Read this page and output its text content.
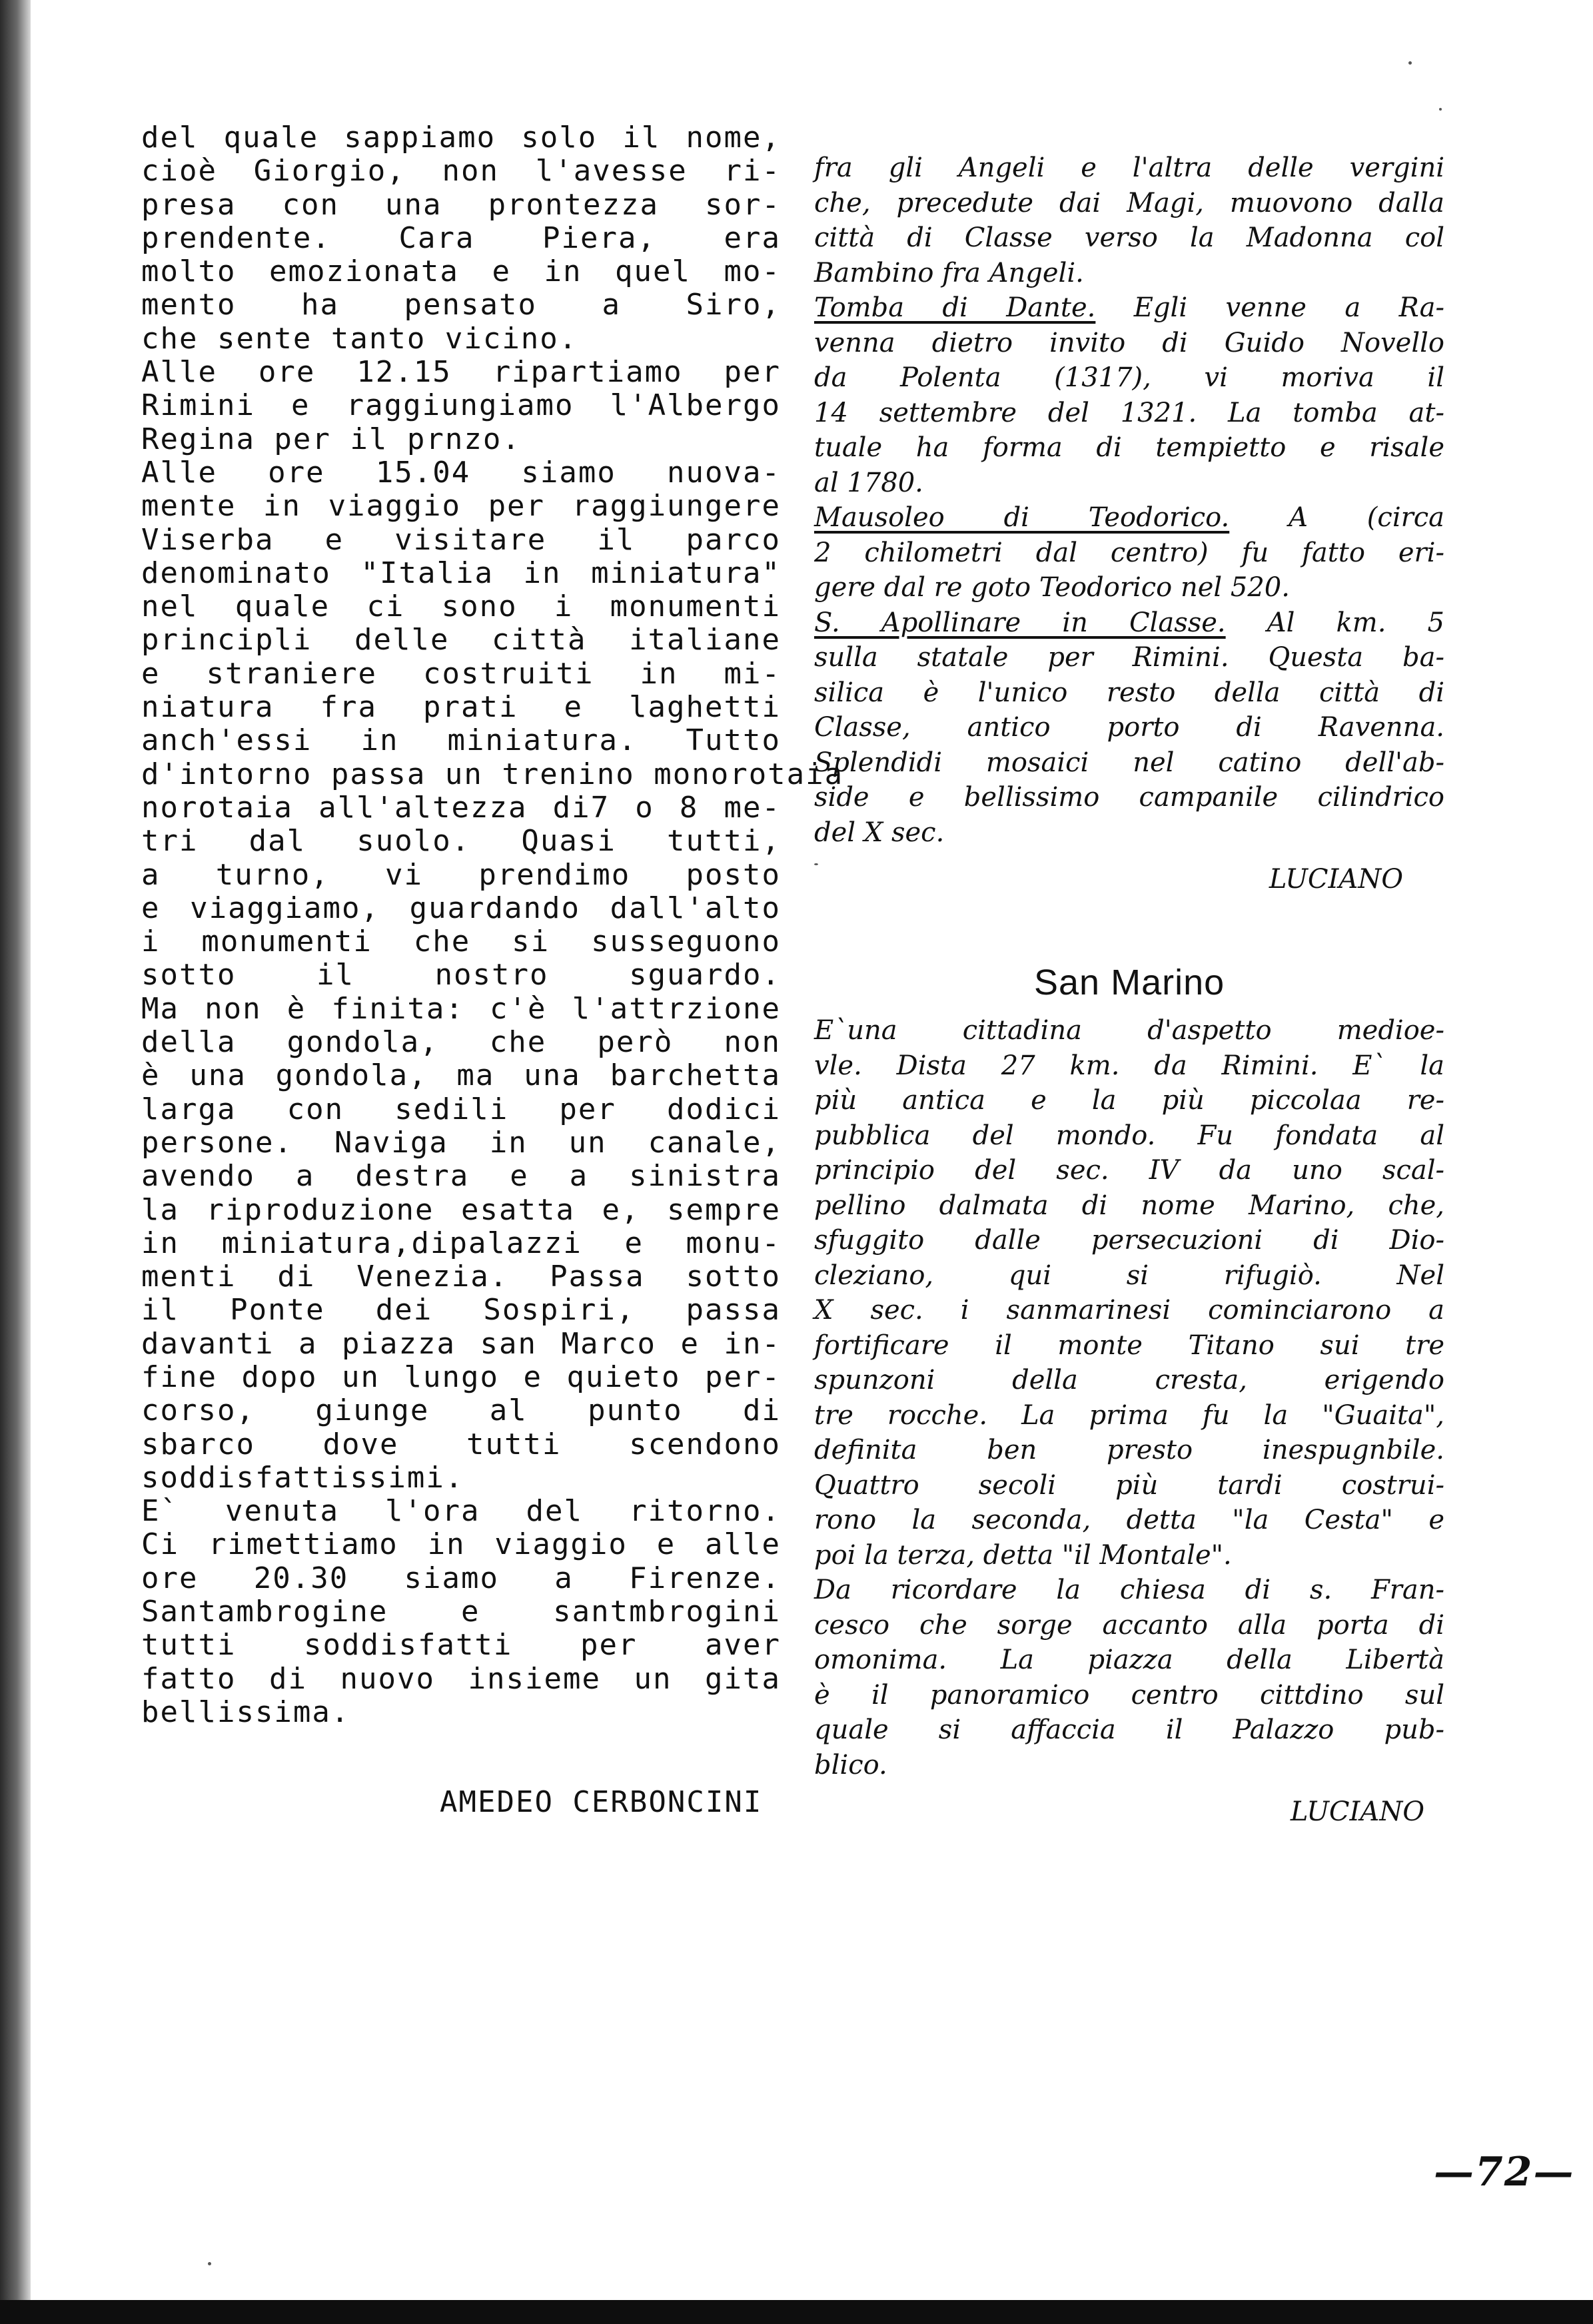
del quale sappiamo solo il nome,
cioè Giorgio, non l'avesse ri-
presa con una prontezza sor-
prendente. Cara Piera, era
molto emozionata e in quel mo-
mento ha pensato a Siro,
che sente tanto vicino.
Alle ore 12.15 ripartiamo per
Rimini e raggiungiamo l'Albergo
Regina per il prnzo.
Alle ore 15.04 siamo nuova-
mente in viaggio per raggiungere
Viserba e visitare il parco
denominato "Italia in miniatura"
nel quale ci sono i monumenti
principli delle città italiane
e straniere costruiti in mi-
niatura fra prati e laghetti
anch'essi in miniatura. Tutto
d'intorno passa un trenino monorotaia
norotaia all'altezza di7 o 8 me-
tri dal suolo. Quasi tutti,
a turno, vi prendimo posto
e viaggiamo, guardando dall'alto
i monumenti che si susseguono
sotto il nostro sguardo.
Ma non è finita: c'è l'attrzione
della gondola, che però non
è una gondola, ma una barchetta
larga con sedili per dodici
persone. Naviga in un canale,
avendo a destra e a sinistra
la riproduzione esatta e, sempre
in miniatura,dipalazzi e monu-
menti di Venezia. Passa sotto
il Ponte dei Sospiri, passa
davanti a piazza san Marco e in-
fine dopo un lungo e quieto per-
corso, giunge al punto di
sbarco dove tutti scendono
soddisfattissimi.
E` venuta l'ora del ritorno.
Ci rimettiamo in viaggio e alle
ore 20.30 siamo a Firenze.
Santambrogine e santmbrogini
tutti soddisfatti per aver
fatto di nuovo insieme un gita
bellissima.
AMEDEO CERBONCINI
fra gli Angeli e l'altra delle vergini
che, precedute dai Magi, muovono dalla
città di Classe verso la Madonna col
Bambino fra Angeli.
Tomba di Dante. Egli venne a Ra-
venna dietro invito di Guido Novello
da Polenta (1317), vi moriva il
14 settembre del 1321. La tomba at-
tuale ha forma di tempietto e risale
al 1780.
Mausoleo di Teodorico. A (circa
2 chilometri dal centro) fu fatto eri-
gere dal re goto Teodorico nel 520.
S. Apollinare in Classe. Al km. 5
sulla statale per Rimini. Questa ba-
silica è l'unico resto della città di
Classe, antico porto di Ravenna.
Splendidi mosaici nel catino dell'ab-
side e bellissimo campanile cilindrico
del X sec.
LUCIANO
San Marino
E`una cittadina d'aspetto medioe-
vle. Dista 27 km. da Rimini. E` la
più antica e la più piccolaa re-
pubblica del mondo. Fu fondata al
principio del sec. IV da uno scal-
pellino dalmata di nome Marino, che,
sfuggito dalle persecuzioni di Dio-
cleziano, qui si rifugiò. Nel
X sec. i sanmarinesi cominciarono a
fortificare il monte Titano sui tre
spunzoni della cresta, erigendo
tre rocche. La prima fu la "Guaita",
definita ben presto inespugnbile.
Quattro secoli più tardi costrui-
rono la seconda, detta "la Cesta" e
poi la terza, detta "il Montale".
Da ricordare la chiesa di s. Fran-
cesco che sorge accanto alla porta di
omonima. La piazza della Libertà
è il panoramico centro cittdino sul
quale si affaccia il Palazzo pub-
blico.
LUCIANO
—72—
